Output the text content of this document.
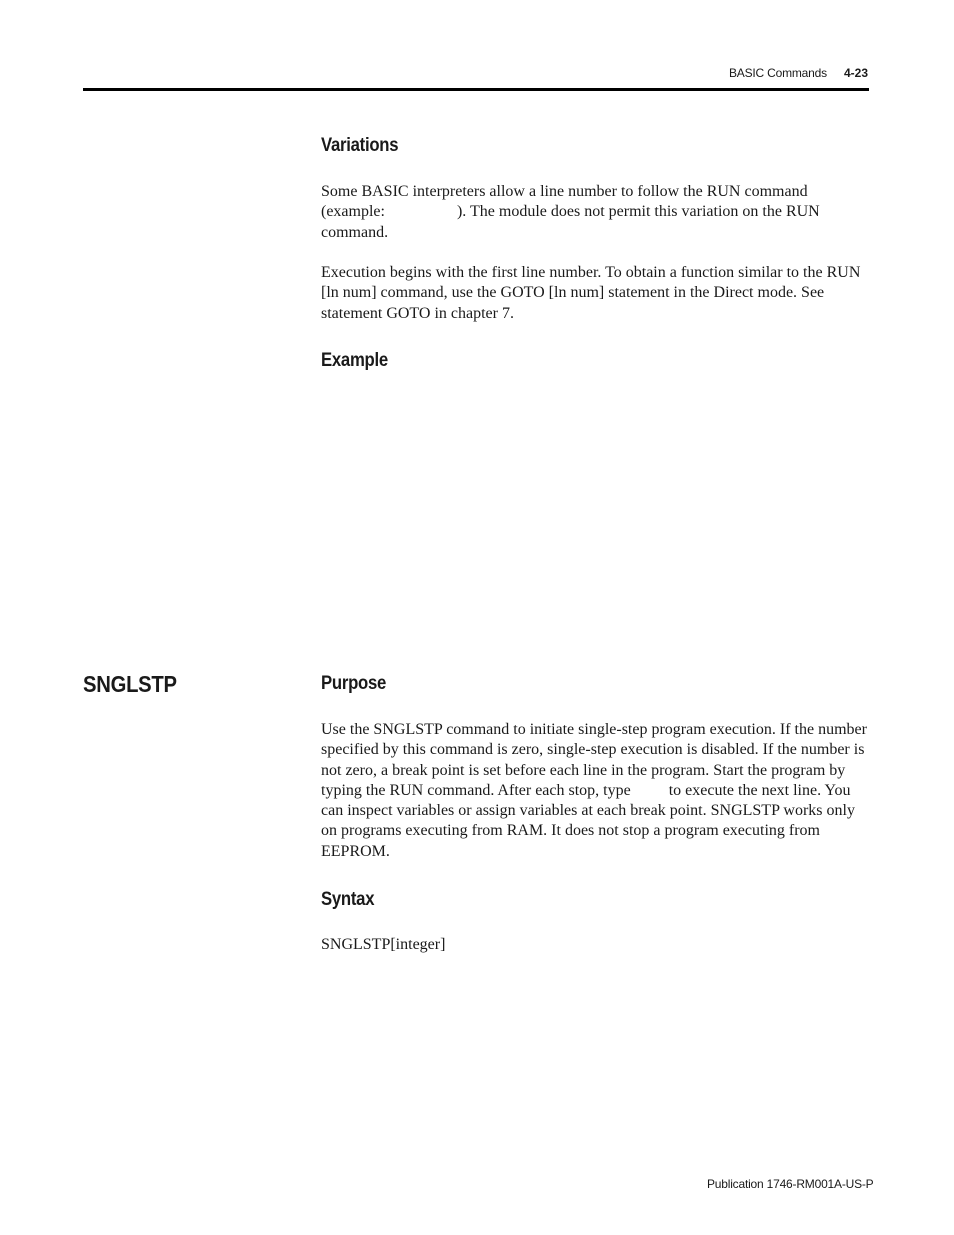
BASIC Commands 4-23
Variations

Some BASIC interpreters allow a line number to follow the RUN command (example:	). The module does not permit this variation on the RUN command.

Execution begins with the first line number. To obtain a function similar to the RUN [ln num] command, use the GOTO [ln num] statement in the Direct mode. See statement GOTO in chapter 7.

Example
SNGLSTP	Purpose

Use the SNGLSTP command to initiate single-step program execution. If the number specified by this command is zero, single-step execution is disabled. If the number is not zero, a break point is set before each line in the program. Start the program by typing the RUN command. After each stop, type to execute the next line. You can inspect variables or assign variables at each break point. SNGLSTP works only on programs executing from RAM. It does not stop a program executing from EEPROM.

Syntax

SNGLSTP[integer]

Publication 1746-RM001A-US-P
